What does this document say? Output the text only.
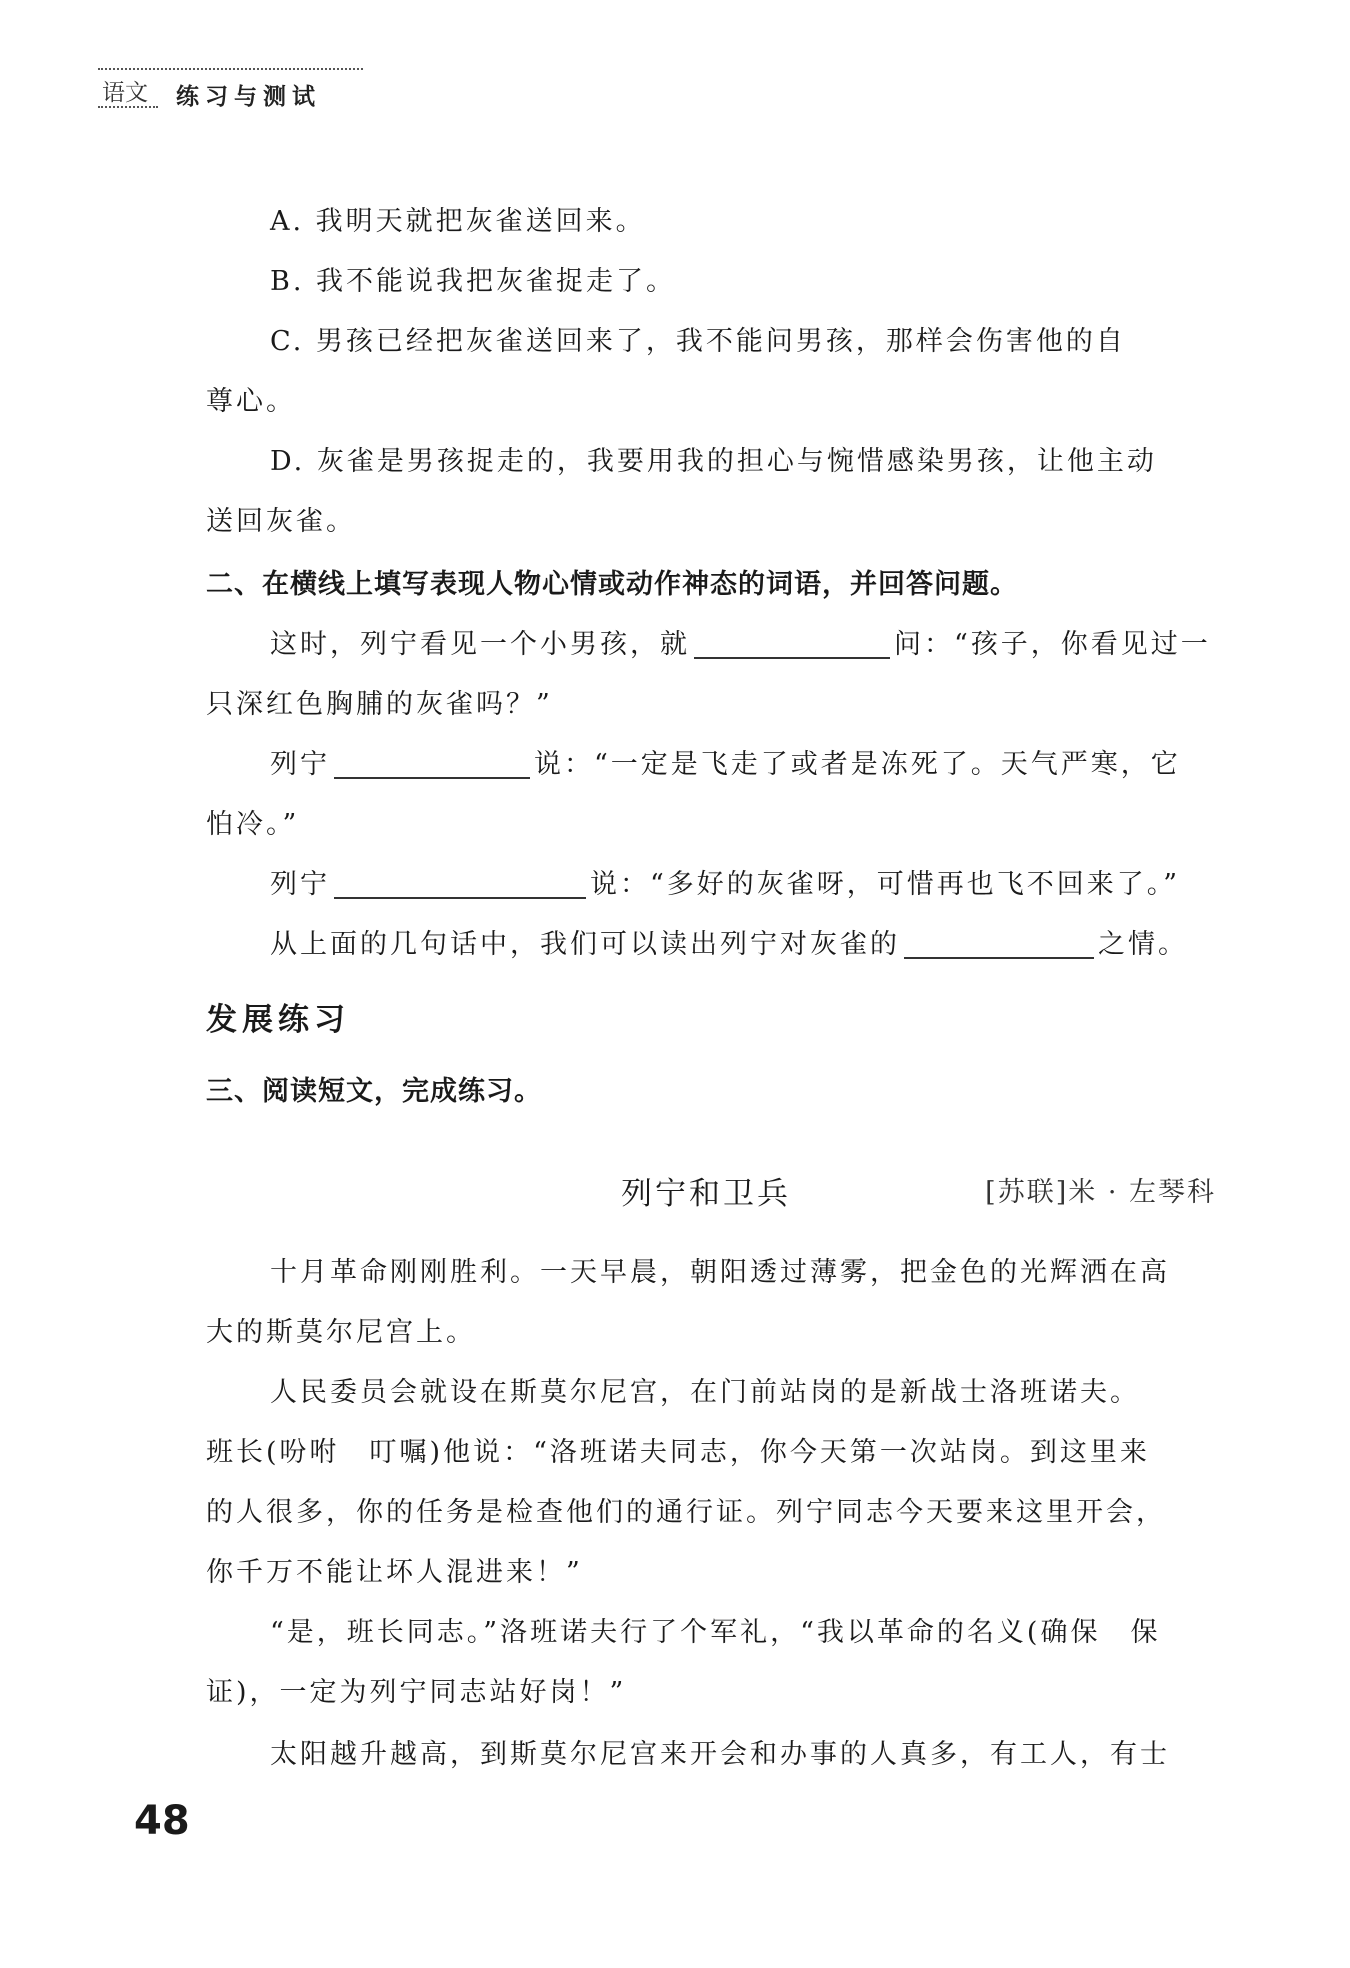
语文 练习与测试
A. 我明天就把灰雀送回来。
B. 我不能说我把灰雀捉走了。
C. 男孩已经把灰雀送回来了，我不能问男孩，那样会伤害他的自
尊心。
D. 灰雀是男孩捉走的，我要用我的担心与惋惜感染男孩，让他主动
送回灰雀。
二、在横线上填写表现人物心情或动作神态的词语，并回答问题。
这时，列宁看见一个小男孩，就	问：“孩子，你看见过一
只深红色胸脯的灰雀吗？”
列宁	说：“一定是飞走了或者是冻死了。天气严寒，它
怕冷。”
列宁	说：“多好的灰雀呀，可惜再也飞不回来了。”
从上面的几句话中，我们可以读出列宁对灰雀的	之情。
发展练习
三、阅读短文，完成练习。
列宁和卫兵	[苏联]米 · 左琴科
十月革命刚刚胜利。一天早晨，朝阳透过薄雾，把金色的光辉洒在高
大的斯莫尔尼宫上。
人民委员会就设在斯莫尔尼宫，在门前站岗的是新战士洛班诺夫。
班长(吩咐　叮嘱)他说：“洛班诺夫同志，你今天第一次站岗。到这里来
的人很多，你的任务是检查他们的通行证。列宁同志今天要来这里开会，
你千万不能让坏人混进来！”
“是，班长同志。”洛班诺夫行了个军礼，“我以革命的名义(确保　保
证)，一定为列宁同志站好岗！”
太阳越升越高，到斯莫尔尼宫来开会和办事的人真多，有工人，有士
48
